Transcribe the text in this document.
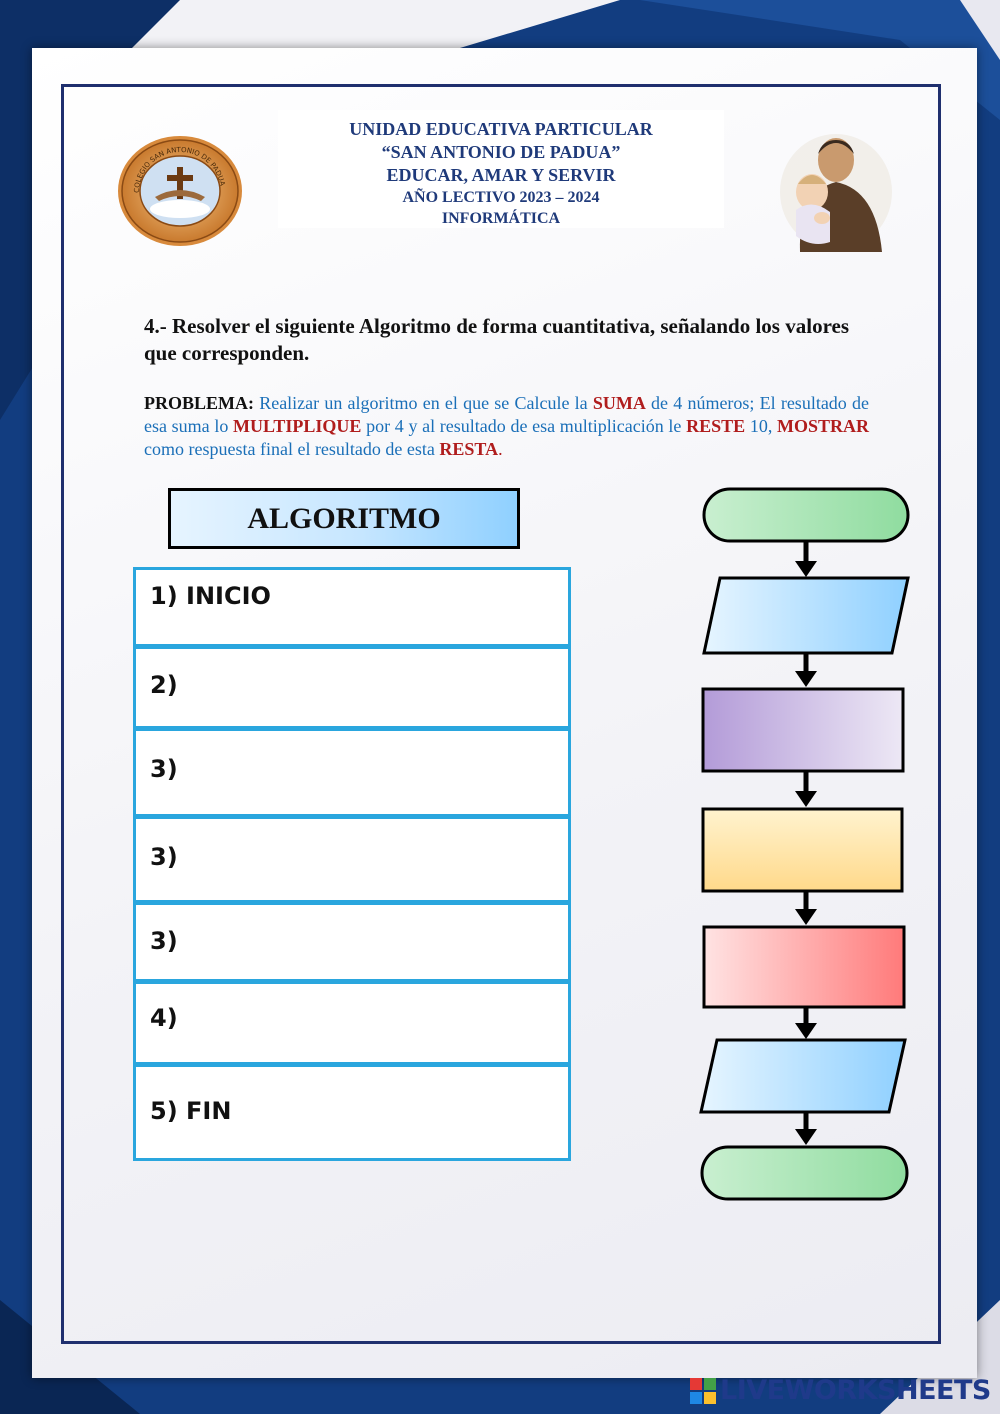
COLEGIO SAN ANTONIO DE PADUA
UNIDAD EDUCATIVA PARTICULAR
“SAN ANTONIO DE PADUA”
EDUCAR, AMAR Y SERVIR
AÑO LECTIVO 2023 – 2024
INFORMÁTICA
4.- Resolver el siguiente Algoritmo de forma cuantitativa, señalando los valores que corresponden.
PROBLEMA: Realizar un algoritmo en el que se Calcule la SUMA de 4 números; El resultado de esa suma lo MULTIPLIQUE por 4 y al resultado de esa multiplicación le RESTE 10, MOSTRAR como respuesta final el resultado de esta RESTA.
ALGORITMO
1) INICIO
2)
3)
3)
3)
4)
5) FIN
LIVEWORKSHEETS
